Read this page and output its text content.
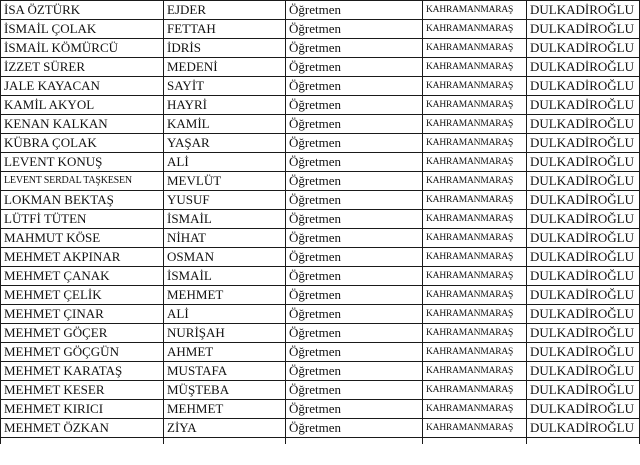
İSA ÖZTÜRK	EJDER	Öğretmen	KAHRAMANMARAŞ	DULKADİROĞLU
İSMAİL ÇOLAK	FETTAH	Öğretmen	KAHRAMANMARAŞ	DULKADİROĞLU
İSMAİL KÖMÜRCÜ	İDRİS	Öğretmen	KAHRAMANMARAŞ	DULKADİROĞLU
İZZET SÜRER	MEDENİ	Öğretmen	KAHRAMANMARAŞ	DULKADİROĞLU
JALE KAYACAN	SAYİT	Öğretmen	KAHRAMANMARAŞ	DULKADİROĞLU
KAMİL AKYOL	HAYRİ	Öğretmen	KAHRAMANMARAŞ	DULKADİROĞLU
KENAN KALKAN	KAMİL	Öğretmen	KAHRAMANMARAŞ	DULKADİROĞLU
KÜBRA ÇOLAK	YAŞAR	Öğretmen	KAHRAMANMARAŞ	DULKADİROĞLU
LEVENT KONUŞ	ALİ	Öğretmen	KAHRAMANMARAŞ	DULKADİROĞLU
LEVENT SERDAL TAŞKESEN	MEVLÜT	Öğretmen	KAHRAMANMARAŞ	DULKADİROĞLU
LOKMAN BEKTAŞ	YUSUF	Öğretmen	KAHRAMANMARAŞ	DULKADİROĞLU
LÜTFİ TÜTEN	İSMAİL	Öğretmen	KAHRAMANMARAŞ	DULKADİROĞLU
MAHMUT KÖSE	NİHAT	Öğretmen	KAHRAMANMARAŞ	DULKADİROĞLU
MEHMET AKPINAR	OSMAN	Öğretmen	KAHRAMANMARAŞ	DULKADİROĞLU
MEHMET ÇANAK	İSMAİL	Öğretmen	KAHRAMANMARAŞ	DULKADİROĞLU
MEHMET ÇELİK	MEHMET	Öğretmen	KAHRAMANMARAŞ	DULKADİROĞLU
MEHMET ÇINAR	ALİ	Öğretmen	KAHRAMANMARAŞ	DULKADİROĞLU
MEHMET GÖÇER	NURİŞAH	Öğretmen	KAHRAMANMARAŞ	DULKADİROĞLU
MEHMET GÖÇGÜN	AHMET	Öğretmen	KAHRAMANMARAŞ	DULKADİROĞLU
MEHMET KARATAŞ	MUSTAFA	Öğretmen	KAHRAMANMARAŞ	DULKADİROĞLU
MEHMET KESER	MÜŞTEBA	Öğretmen	KAHRAMANMARAŞ	DULKADİROĞLU
MEHMET KIRICI	MEHMET	Öğretmen	KAHRAMANMARAŞ	DULKADİROĞLU
MEHMET ÖZKAN	ZİYA	Öğretmen	KAHRAMANMARAŞ	DULKADİROĞLU
